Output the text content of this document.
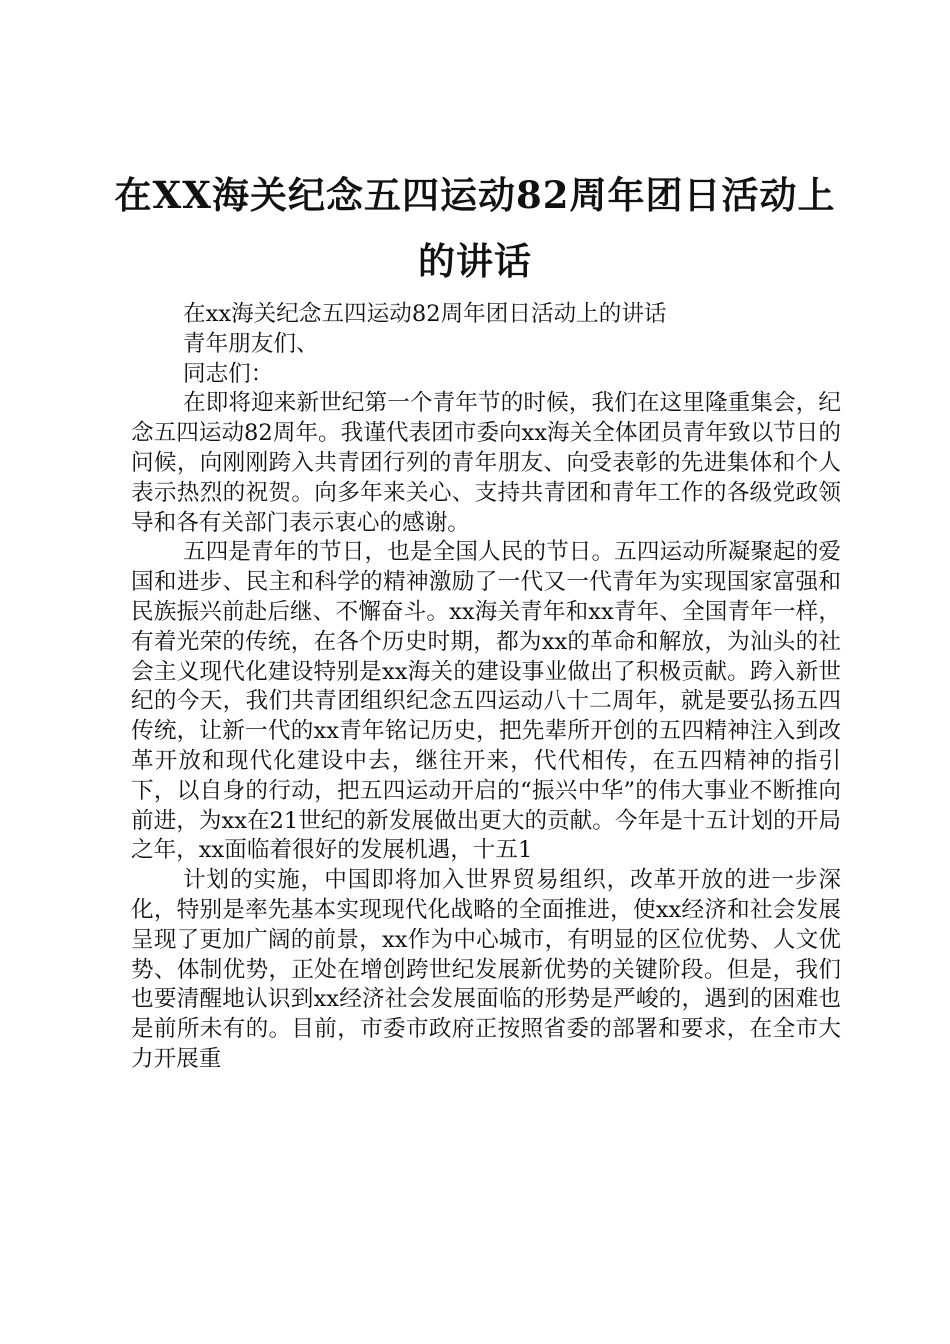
在XX海关纪念五四运动82周年团日活动上的讲话

在xx海关纪念五四运动82周年团日活动上的讲话

青年朋友们、

同志们：

在即将迎来新世纪第一个青年节的时候，我们在这里隆重集会，纪念五四运动82周年。我谨代表团市委向xx海关全体团员青年致以节日的问候，向刚刚跨入共青团行列的青年朋友、向受表彰的先进集体和个人表示热烈的祝贺。向多年来关心、支持共青团和青年工作的各级党政领导和各有关部门表示衷心的感谢。

五四是青年的节日，也是全国人民的节日。五四运动所凝聚起的爱国和进步、民主和科学的精神激励了一代又一代青年为实现国家富强和民族振兴前赴后继、不懈奋斗。xx海关青年和xx青年、全国青年一样，有着光荣的传统，在各个历史时期，都为xx的革命和解放，为汕头的社会主义现代化建设特别是xx海关的建设事业做出了积极贡献。跨入新世纪的今天，我们共青团组织纪念五四运动八十二周年，就是要弘扬五四传统，让新一代的xx青年铭记历史，把先辈所开创的五四精神注入到改革开放和现代化建设中去，继往开来，代代相传，在五四精神的指引下，以自身的行动，把五四运动开启的“振兴中华”的伟大事业不断推向前进，为xx在21世纪的新发展做出更大的贡献。今年是十五计划的开局之年，xx面临着很好的发展机遇，十五1

计划的实施，中国即将加入世界贸易组织，改革开放的进一步深化，特别是率先基本实现现代化战略的全面推进，使xx经济和社会发展呈现了更加广阔的前景，xx作为中心城市，有明显的区位优势、人文优势、体制优势，正处在增创跨世纪发展新优势的关键阶段。但是，我们也要清醒地认识到xx经济社会发展面临的形势是严峻的，遇到的困难也是前所未有的。目前，市委市政府正按照省委的部署和要求，在全市大力开展重
